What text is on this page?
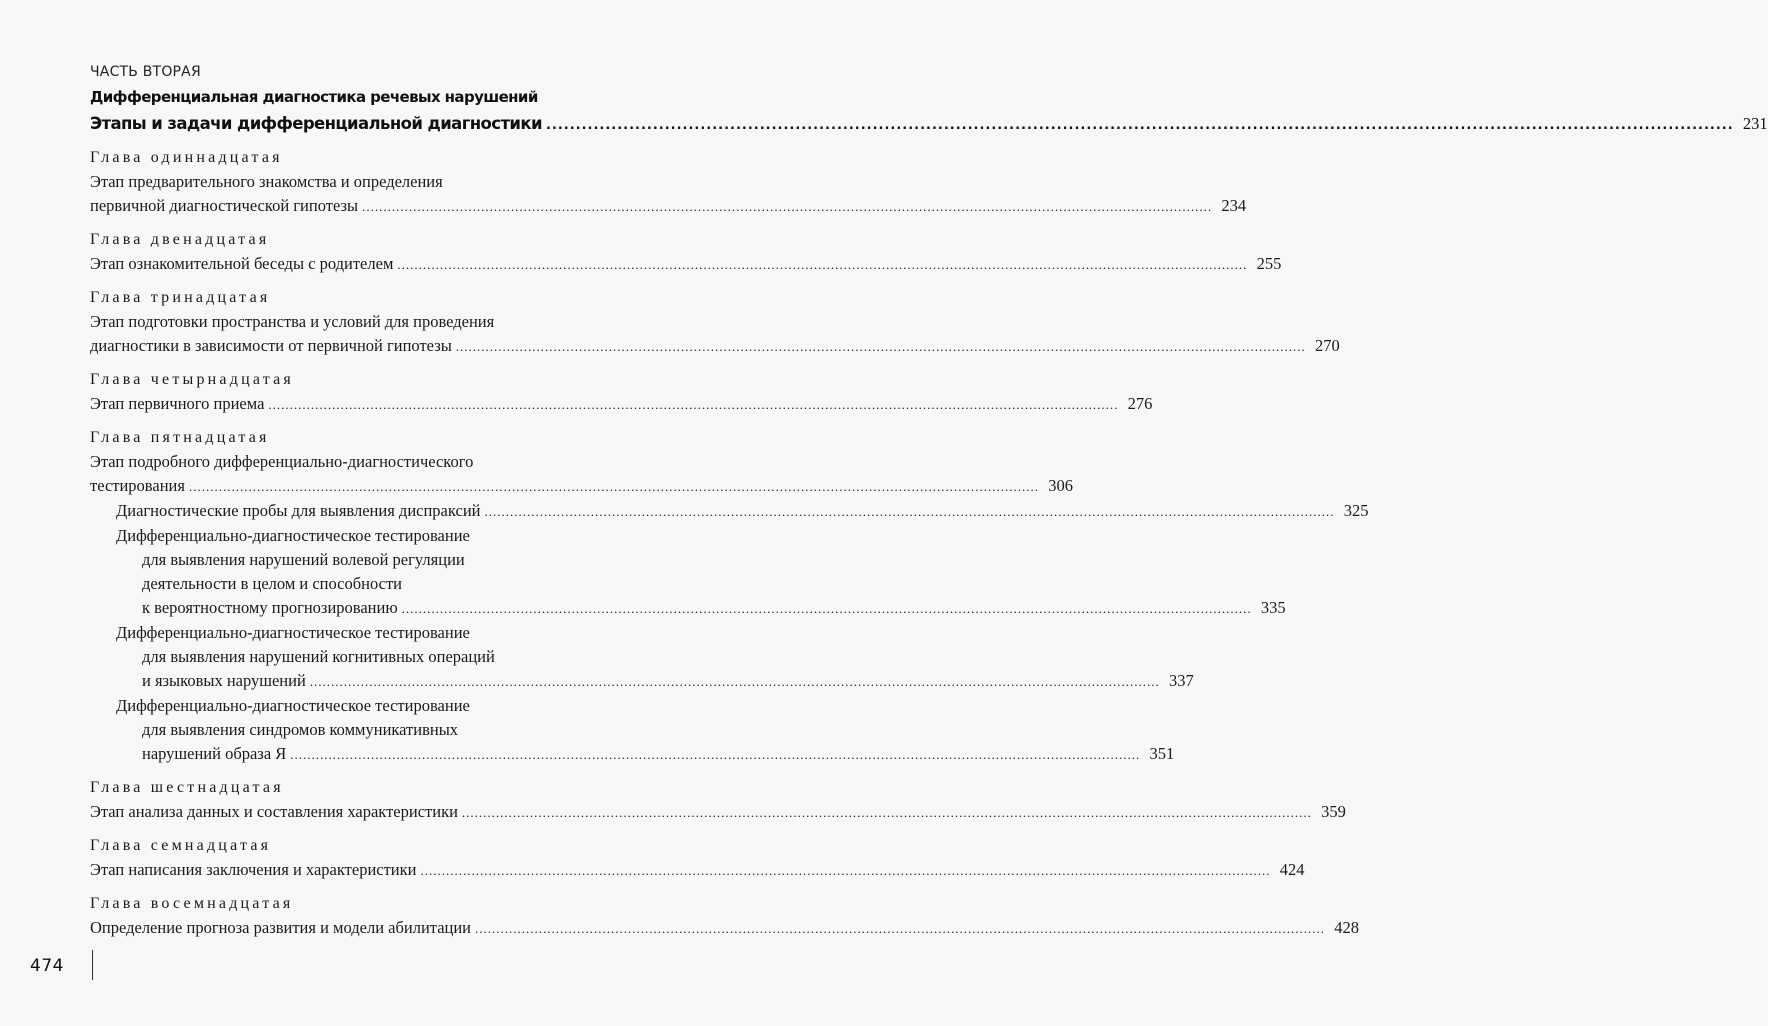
ЧАСТЬ ВТОРАЯ
Дифференциальная диагностика речевых нарушений
Этапы и задачи дифференциальной диагностики ........................................................................................................................................................................................................ 231
Глава одиннадцатая
Этап предварительного знакомства и определения
первичной диагностической гипотезы ........................................................................................................................................................................................................ 234
Глава двенадцатая
Этап ознакомительной беседы с родителем ........................................................................................................................................................................................................ 255
Глава тринадцатая
Этап подготовки пространства и условий для проведения
диагностики в зависимости от первичной гипотезы ........................................................................................................................................................................................................ 270
Глава четырнадцатая
Этап первичного приема ........................................................................................................................................................................................................ 276
Глава пятнадцатая
Этап подробного дифференциально-диагностического
тестирования ........................................................................................................................................................................................................ 306
Диагностические пробы для выявления диспраксий ........................................................................................................................................................................................................ 325
Дифференциально-диагностическое тестирование
для выявления нарушений волевой регуляции
деятельности в целом и способности
к вероятностному прогнозированию ........................................................................................................................................................................................................ 335
Дифференциально-диагностическое тестирование
для выявления нарушений когнитивных операций
и языковых нарушений ........................................................................................................................................................................................................ 337
Дифференциально-диагностическое тестирование
для выявления синдромов коммуникативных
нарушений образа Я ........................................................................................................................................................................................................ 351
Глава шестнадцатая
Этап анализа данных и составления характеристики ........................................................................................................................................................................................................ 359
Глава семнадцатая
Этап написания заключения и характеристики ........................................................................................................................................................................................................ 424
Глава восемнадцатая
Определение прогноза развития и модели абилитации ........................................................................................................................................................................................................ 428
474
